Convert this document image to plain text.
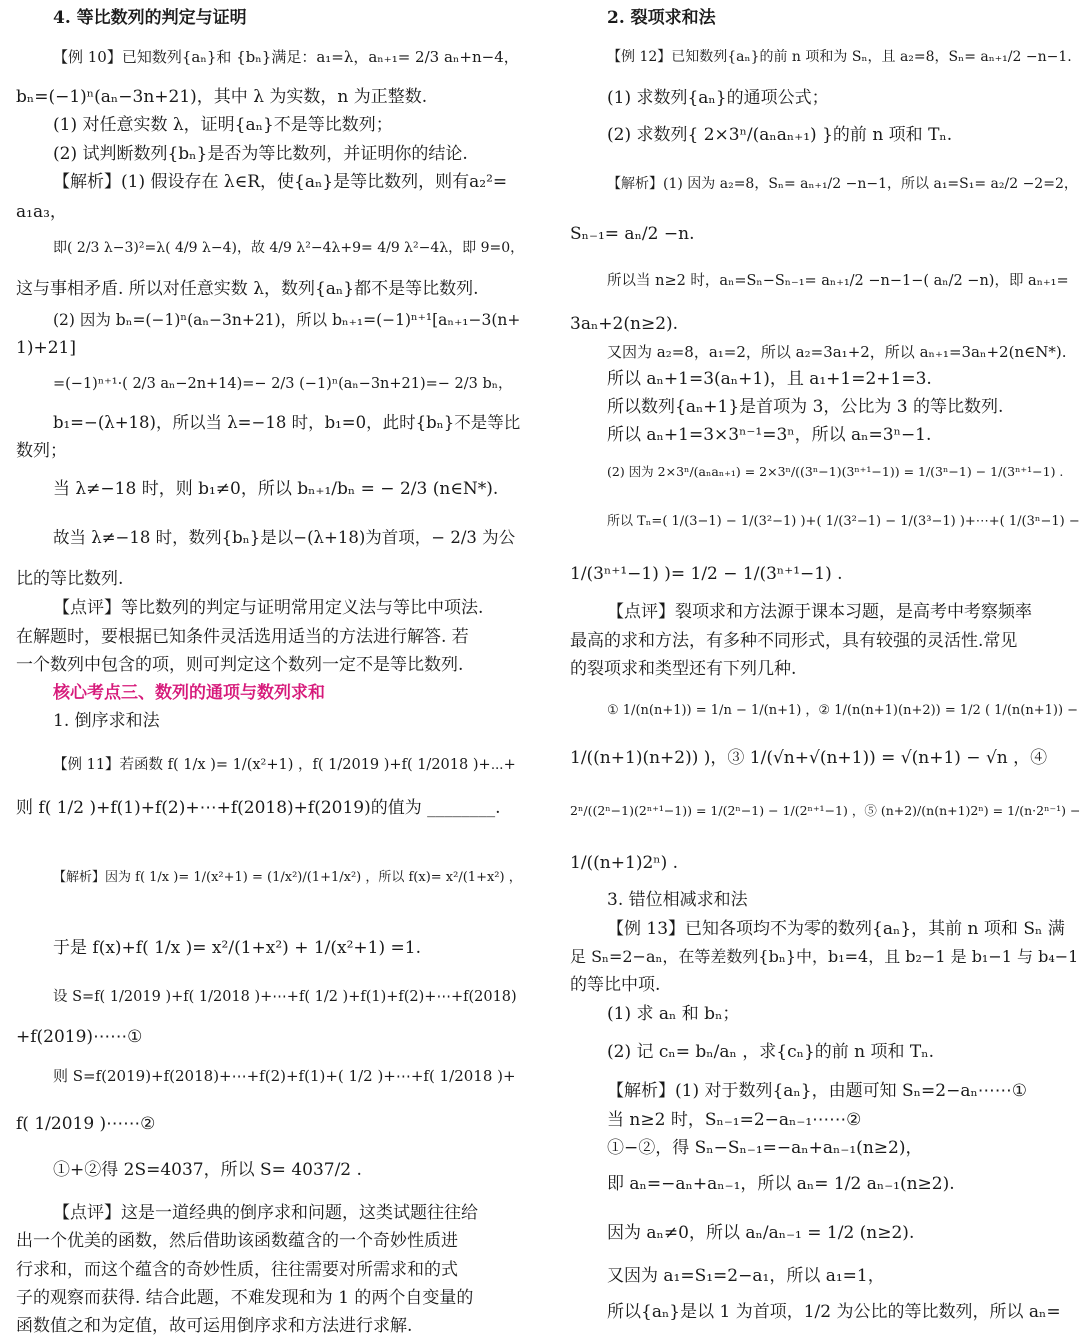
4. 等比数列的判定与证明
【例 10】已知数列{aₙ}和 {bₙ}满足：a₁=λ，aₙ₊₁= 2/3 aₙ+n−4，
bₙ=(−1)ⁿ(aₙ−3n+21)，其中 λ 为实数，n 为正整数.
(1) 对任意实数 λ，证明{aₙ}不是等比数列；
(2) 试判断数列{bₙ}是否为等比数列，并证明你的结论.
【解析】(1) 假设存在 λ∈R，使{aₙ}是等比数列，则有a₂²=
a₁a₃，
即( 2/3 λ−3)²=λ( 4/9 λ−4)，故 4/9 λ²−4λ+9= 4/9 λ²−4λ，即 9=0，
这与事相矛盾. 所以对任意实数 λ，数列{aₙ}都不是等比数列.
(2) 因为 bₙ=(−1)ⁿ(aₙ−3n+21)，所以 bₙ₊₁=(−1)ⁿ⁺¹[aₙ₊₁−3(n+
1)+21]
=(−1)ⁿ⁺¹·( 2/3 aₙ−2n+14)=− 2/3 (−1)ⁿ(aₙ−3n+21)=− 2/3 bₙ，
b₁=−(λ+18)，所以当 λ=−18 时，b₁=0，此时{bₙ}不是等比
数列；
当 λ≠−18 时，则 b₁≠0，所以 bₙ₊₁/bₙ = − 2/3 (n∈N*).
故当 λ≠−18 时，数列{bₙ}是以−(λ+18)为首项，− 2/3 为公
比的等比数列.
【点评】等比数列的判定与证明常用定义法与等比中项法.
在解题时，要根据已知条件灵活选用适当的方法进行解答. 若
一个数列中包含的项，则可判定这个数列一定不是等比数列.
核心考点三、数列的通项与数列求和
1. 倒序求和法
【例 11】若函数 f( 1/x )= 1/(x²+1) ，f( 1/2019 )+f( 1/2018 )+⋯+
则 f( 1/2 )+f(1)+f(2)+⋯+f(2018)+f(2019)的值为 ________.
【解析】因为 f( 1/x )= 1/(x²+1) = (1/x²)/(1+1/x²) ，所以 f(x)= x²/(1+x²) ，
于是 f(x)+f( 1/x )= x²/(1+x²) + 1/(x²+1) =1.
设 S=f( 1/2019 )+f( 1/2018 )+⋯+f( 1/2 )+f(1)+f(2)+⋯+f(2018)
+f(2019)⋯⋯①
则 S=f(2019)+f(2018)+⋯+f(2)+f(1)+( 1/2 )+⋯+f( 1/2018 )+
f( 1/2019 )⋯⋯②
①+②得 2S=4037，所以 S= 4037/2 .
【点评】这是一道经典的倒序求和问题，这类试题往往给
出一个优美的函数，然后借助该函数蕴含的一个奇妙性质进
行求和，而这个蕴含的奇妙性质，往往需要对所需求和的式
子的观察而获得. 结合此题，不难发现和为 1 的两个自变量的
函数值之和为定值，故可运用倒序求和方法进行求解.
2. 裂项求和法
【例 12】已知数列{aₙ}的前 n 项和为 Sₙ，且 a₂=8，Sₙ= aₙ₊₁/2 −n−1.
(1) 求数列{aₙ}的通项公式；
(2) 求数列{ 2×3ⁿ/(aₙaₙ₊₁) }的前 n 项和 Tₙ.
【解析】(1) 因为 a₂=8，Sₙ= aₙ₊₁/2 −n−1，所以 a₁=S₁= a₂/2 −2=2，
Sₙ₋₁= aₙ/2 −n.
所以当 n≥2 时，aₙ=Sₙ−Sₙ₋₁= aₙ₊₁/2 −n−1−( aₙ/2 −n)，即 aₙ₊₁=
3aₙ+2(n≥2).
又因为 a₂=8，a₁=2，所以 a₂=3a₁+2，所以 aₙ₊₁=3aₙ+2(n∈N*).
所以 aₙ+1=3(aₙ+1)，且 a₁+1=2+1=3.
所以数列{aₙ+1}是首项为 3，公比为 3 的等比数列.
所以 aₙ+1=3×3ⁿ⁻¹=3ⁿ，所以 aₙ=3ⁿ−1.
(2) 因为 2×3ⁿ/(aₙaₙ₊₁) = 2×3ⁿ/((3ⁿ−1)(3ⁿ⁺¹−1)) = 1/(3ⁿ−1) − 1/(3ⁿ⁺¹−1) .
所以 Tₙ=( 1/(3−1) − 1/(3²−1) )+( 1/(3²−1) − 1/(3³−1) )+⋯+( 1/(3ⁿ−1) −
1/(3ⁿ⁺¹−1) )= 1/2 − 1/(3ⁿ⁺¹−1) .
【点评】裂项求和方法源于课本习题，是高考中考察频率
最高的求和方法，有多种不同形式，具有较强的灵活性.常见
的裂项求和类型还有下列几种.
① 1/(n(n+1)) = 1/n − 1/(n+1) ，② 1/(n(n+1)(n+2)) = 1/2 ( 1/(n(n+1)) −
1/((n+1)(n+2)) )，③ 1/(√n+√(n+1)) = √(n+1) − √n ，④
2ⁿ/((2ⁿ−1)(2ⁿ⁺¹−1)) = 1/(2ⁿ−1) − 1/(2ⁿ⁺¹−1) ，⑤ (n+2)/(n(n+1)2ⁿ) = 1/(n·2ⁿ⁻¹) −
1/((n+1)2ⁿ) .
3. 错位相减求和法
【例 13】已知各项均不为零的数列{aₙ}，其前 n 项和 Sₙ 满
足 Sₙ=2−aₙ，在等差数列{bₙ}中，b₁=4，且 b₂−1 是 b₁−1 与 b₄−1
的等比中项.
(1) 求 aₙ 和 bₙ；
(2) 记 cₙ= bₙ/aₙ ，求{cₙ}的前 n 项和 Tₙ.
【解析】(1) 对于数列{aₙ}，由题可知 Sₙ=2−aₙ⋯⋯①
当 n≥2 时，Sₙ₋₁=2−aₙ₋₁⋯⋯②
①−②，得 Sₙ−Sₙ₋₁=−aₙ+aₙ₋₁(n≥2)，
即 aₙ=−aₙ+aₙ₋₁，所以 aₙ= 1/2 aₙ₋₁(n≥2).
因为 aₙ≠0，所以 aₙ/aₙ₋₁ = 1/2 (n≥2).
又因为 a₁=S₁=2−a₁，所以 a₁=1，
所以{aₙ}是以 1 为首项，1/2 为公比的等比数列，所以 aₙ=
